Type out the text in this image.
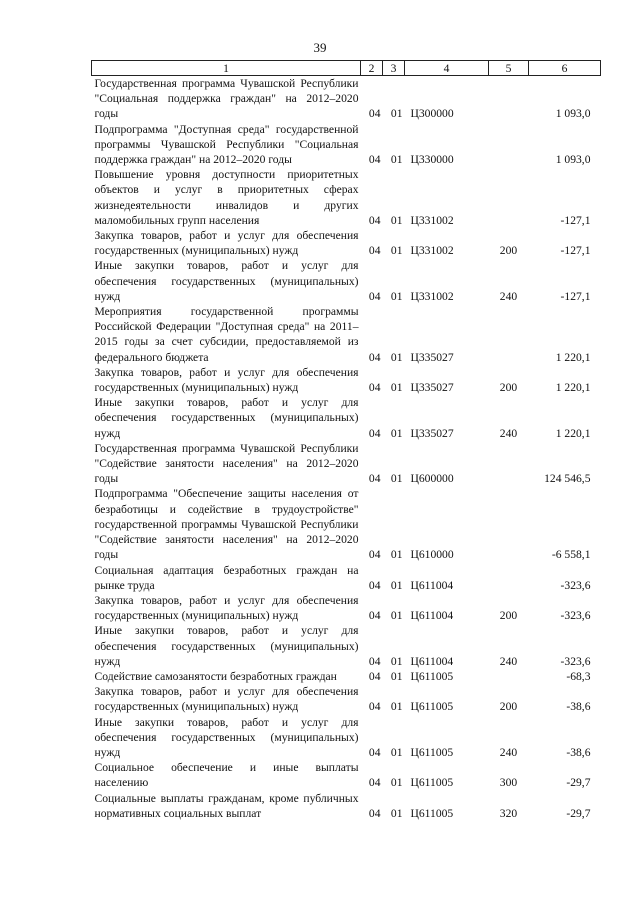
39
1	2	3	4	5	6
Государственная программа Чувашской Республики "Социальная поддержка граждан" на 2012–2020 годы	04	01	Ц300000		1 093,0
Подпрограмма "Доступная среда" государственной программы Чувашской Республики "Социальная поддержка граждан" на 2012–2020 годы	04	01	Ц330000		1 093,0
Повышение уровня доступности приоритетных объектов и услуг в приоритетных сферах жизнедеятельности инвалидов и других маломобильных групп населения	04	01	Ц331002		-127,1
Закупка товаров, работ и услуг для обеспечения государственных (муниципальных) нужд	04	01	Ц331002	200	-127,1
Иные закупки товаров, работ и услуг для обеспечения государственных (муниципальных) нужд	04	01	Ц331002	240	-127,1
Мероприятия государственной программы Российской Федерации "Доступная среда" на 2011–2015 годы за счет субсидии, предоставляемой из федерального бюджета	04	01	Ц335027		1 220,1
Закупка товаров, работ и услуг для обеспечения государственных (муниципальных) нужд	04	01	Ц335027	200	1 220,1
Иные закупки товаров, работ и услуг для обеспечения государственных (муниципальных) нужд	04	01	Ц335027	240	1 220,1
Государственная программа Чувашской Республики "Содействие занятости населения" на 2012–2020 годы	04	01	Ц600000		124 546,5
Подпрограмма "Обеспечение защиты населения от безработицы и содействие в трудоустройстве" государственной программы Чувашской Республики "Содействие занятости населения" на 2012–2020 годы	04	01	Ц610000		-6 558,1
Социальная адаптация безработных граждан на рынке труда	04	01	Ц611004		-323,6
Закупка товаров, работ и услуг для обеспечения государственных (муниципальных) нужд	04	01	Ц611004	200	-323,6
Иные закупки товаров, работ и услуг для обеспечения государственных (муниципальных) нужд	04	01	Ц611004	240	-323,6
Содействие самозанятости безработных граждан	04	01	Ц611005		-68,3
Закупка товаров, работ и услуг для обеспечения государственных (муниципальных) нужд	04	01	Ц611005	200	-38,6
Иные закупки товаров, работ и услуг для обеспечения государственных (муниципальных) нужд	04	01	Ц611005	240	-38,6
Социальное обеспечение и иные выплаты населению	04	01	Ц611005	300	-29,7
Социальные выплаты гражданам, кроме публичных нормативных социальных выплат	04	01	Ц611005	320	-29,7
